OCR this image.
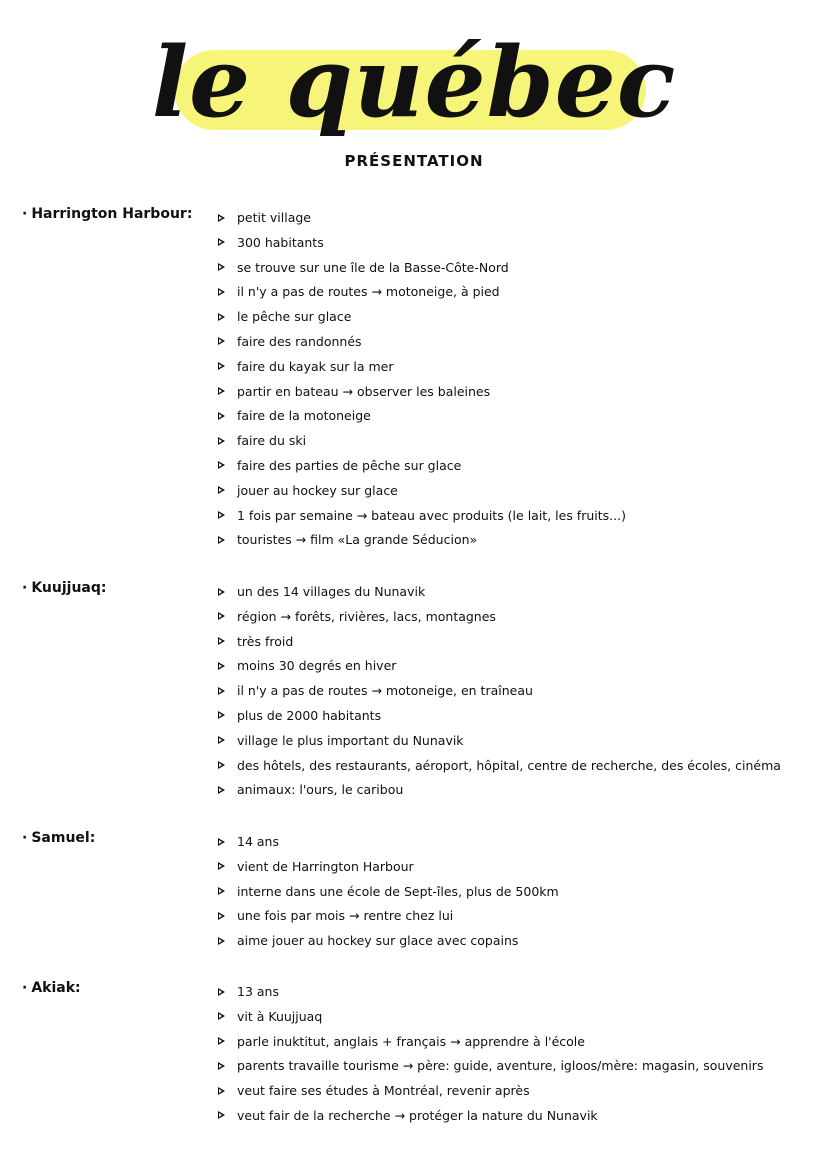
le québec
PRÉSENTATION
· Harrington Harbour:	petit village
300 habitants
se trouve sur une île de la Basse-Côte-Nord
il n'y a pas de routes → motoneige, à pied
le pêche sur glace
faire des randonnés
faire du kayak sur la mer
partir en bateau → observer les baleines
faire de la motoneige
faire du ski
faire des parties de pêche sur glace
jouer au hockey sur glace
1 fois par semaine → bateau avec produits (le lait, les fruits...)
touristes → film «La grande Séducion»
· Kuujjuaq:	un des 14 villages du Nunavik
région → forêts, rivières, lacs, montagnes
très froid
moins 30 degrés en hiver
il n'y a pas de routes → motoneige, en traîneau
plus de 2000 habitants
village le plus important du Nunavik
des hôtels, des restaurants, aéroport, hôpital, centre de recherche, des écoles, cinéma
animaux: l'ours, le caribou
· Samuel:	14 ans
vient de Harrington Harbour
interne dans une école de Sept-îles, plus de 500km
une fois par mois → rentre chez lui
aime jouer au hockey sur glace avec copains
· Akiak:	13 ans
vit à Kuujjuaq
parle inuktitut, anglais + français → apprendre à l'école
parents travaille tourisme → père: guide, aventure, igloos/mère: magasin, souvenirs
veut faire ses études à Montréal, revenir après
veut fair de la recherche → protéger la nature du Nunavik
